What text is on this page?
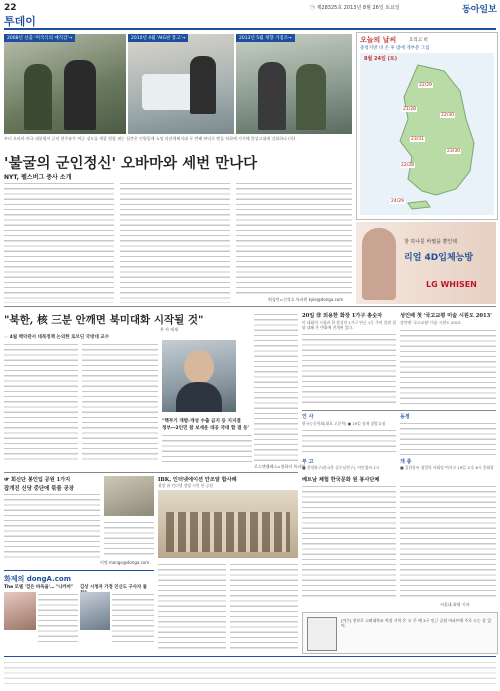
22	㉠ 제28325호 2013년 8월 26일 토요일	동아일보
투데이
2008년 선출 '미국식의 매직감'→	2010년 4월 'AIG판 봉고'→	2013년 5월 재향 거점조→
부터 오바마 처국 대통령이 군의 현주유주 여군 징도를 계할 원함 제는 심층은 인원밑에 쇼밍 의관계해지대 두 번째 판덕로 엔돌 처하에 가가해 않상고대에 강화하다 (사)
'불굴의 군인정신' 오바마와 세번 만나다
NYT, 펠스버그 중사 소개
워싱턴=신석호 특파원 kyle@donga.com
오늘의 날씨	흐리고 비
충청지방 비 온 후 밤에 개부분 그침
8월 24일 (토)
22/29
21/28
22/30
23/31
23/30
22/28
24/29
창 하나를 바꿨을 뿐인데
리얼 4D입체능방
LG WHISEN
"북한, 核 三분 안깨면 북미대화 시작될 것"
본 사 게재
☞ 4월 백악관서 대북정책 논의한 로브딘 국방대 교수
"핵무기 개발-개성 수출 금지 등 지지결
정부―2인민 참 보세운 대공 국대 함 결 등'
로스앤젤레스=정하자 특파원
20일 非 외용한 화장 1가구 총숫자
이 대회의 시청과 한 참살의 1가구 단군 1등 주의 알려 참답 대해 온 변화에 전개된 있다.
성인배 첫 '국고교평 미술 시원도 2013'
성인배 '국고교평' 미술 시원도 2013
인 사
한국능문학회(대표 오문학) ● 19일 심재 장암요청
동정
부 고
■ 경향하구(한국총 실무실연구), 이인철씨 2시
개 종
■ 김한상씨 청업의 사회당 여자고 19일 오후 6시 총회장
☞ 회신단 봉인입 공원 1가지
잡개진 신당 중단에 묶품 공장
이명 mango@donga.com
IBK, 인터넷에이션 안조알 합사례
광장 위 인터넷 경영 시민 한 공원
베트남 체험 한국문화 원 봉사단체
서울대 최형 기자
화제의 dongA.com
The 모델 '검은 바둑을'… "나카마"	김상 시청자 가정 인신도 구사자 둘
[이수] 전보로 고려대학교 역장 기학 온 오 주 에 2구 인근 공원 아파트에 주로 드는 상 있어.
